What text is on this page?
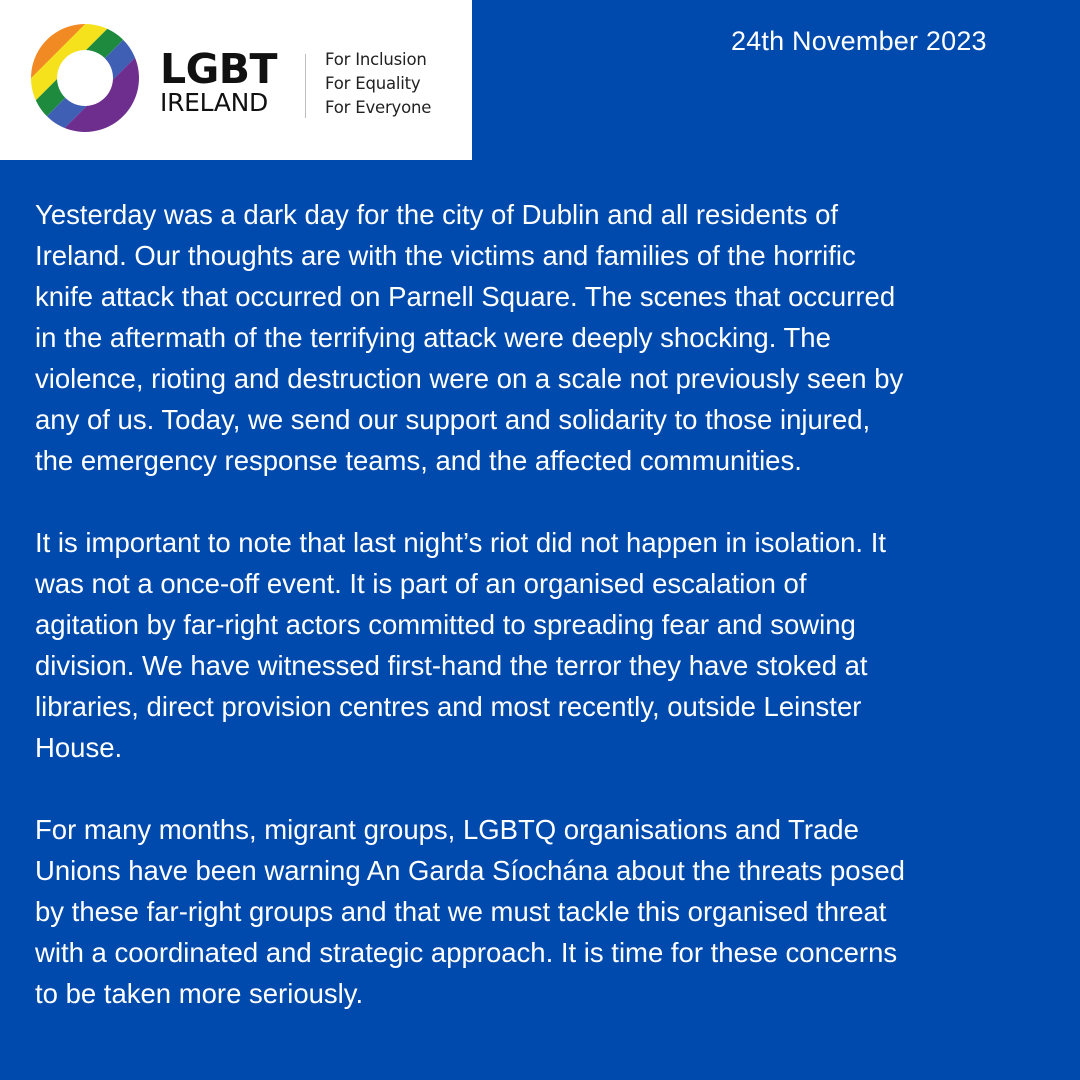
LGBT
IRELAND
For Inclusion
For Equality
For Everyone
24th November 2023
Yesterday was a dark day for the city of Dublin and all residents of
Ireland. Our thoughts are with the victims and families of the horrific
knife attack that occurred on Parnell Square. The scenes that occurred
in the aftermath of the terrifying attack were deeply shocking. The
violence, rioting and destruction were on a scale not previously seen by
any of us. Today, we send our support and solidarity to those injured,
the emergency response teams, and the affected communities.
It is important to note that last night’s riot did not happen in isolation. It
was not a once-off event. It is part of an organised escalation of
agitation by far-right actors committed to spreading fear and sowing
division. We have witnessed first-hand the terror they have stoked at
libraries, direct provision centres and most recently, outside Leinster
House.
For many months, migrant groups, LGBTQ organisations and Trade
Unions have been warning An Garda Síochána about the threats posed
by these far-right groups and that we must tackle this organised threat
with a coordinated and strategic approach. It is time for these concerns
to be taken more seriously.
